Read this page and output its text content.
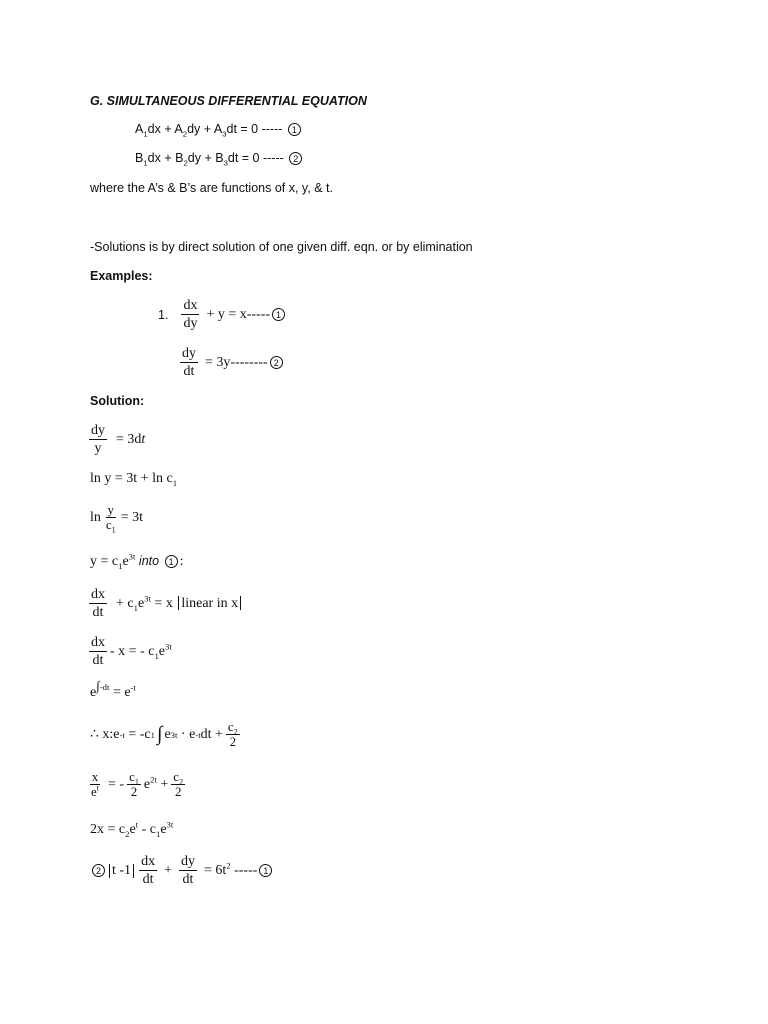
G. SIMULTANEOUS DIFFERENTIAL EQUATION
$A_1dx + A_2dy + A_3dt = 0$ ----- 1
$B_1dx + B_2dy + B_3dt = 0$ ----- 2
where the A’s & B’s are functions of x, y, & t.
-Solutions is by direct solution of one given diff. eqn. or by elimination
Examples:
1. $\frac{dx}{dy} + y = x-----$ 1
$\frac{dy}{dt} = 3y--------$ 2
Solution:
$\frac{dy}{y} = 3d$ t
$\ln y = 3t + \ln c_1$
$\ln \frac{y}{c_1} = 3t$
$y = c_1e^{3t}$ into 1 :
$\frac{dx}{dt} + c_1e^{3t} = x$ linear in x
$\frac{dx}{dt}$ - x = - $c_1e^{3t}$
$e^{\int-dt} = e^{-t}$
∴
x:e -t
= -c 1 ∫ e 3t
·
e -t dt + $\frac{c_2}{2}$
$\frac{x}{e^t}$ = - $\frac{c_1}{2} e^{2t}$
+ $\frac{c_2}{2}$
$2x = c_2e^t - c_1e^{3t}$
2 t $-1 \frac{dx}{dt} + \frac{dy}{dt} = 6t^2$ ----- 1
